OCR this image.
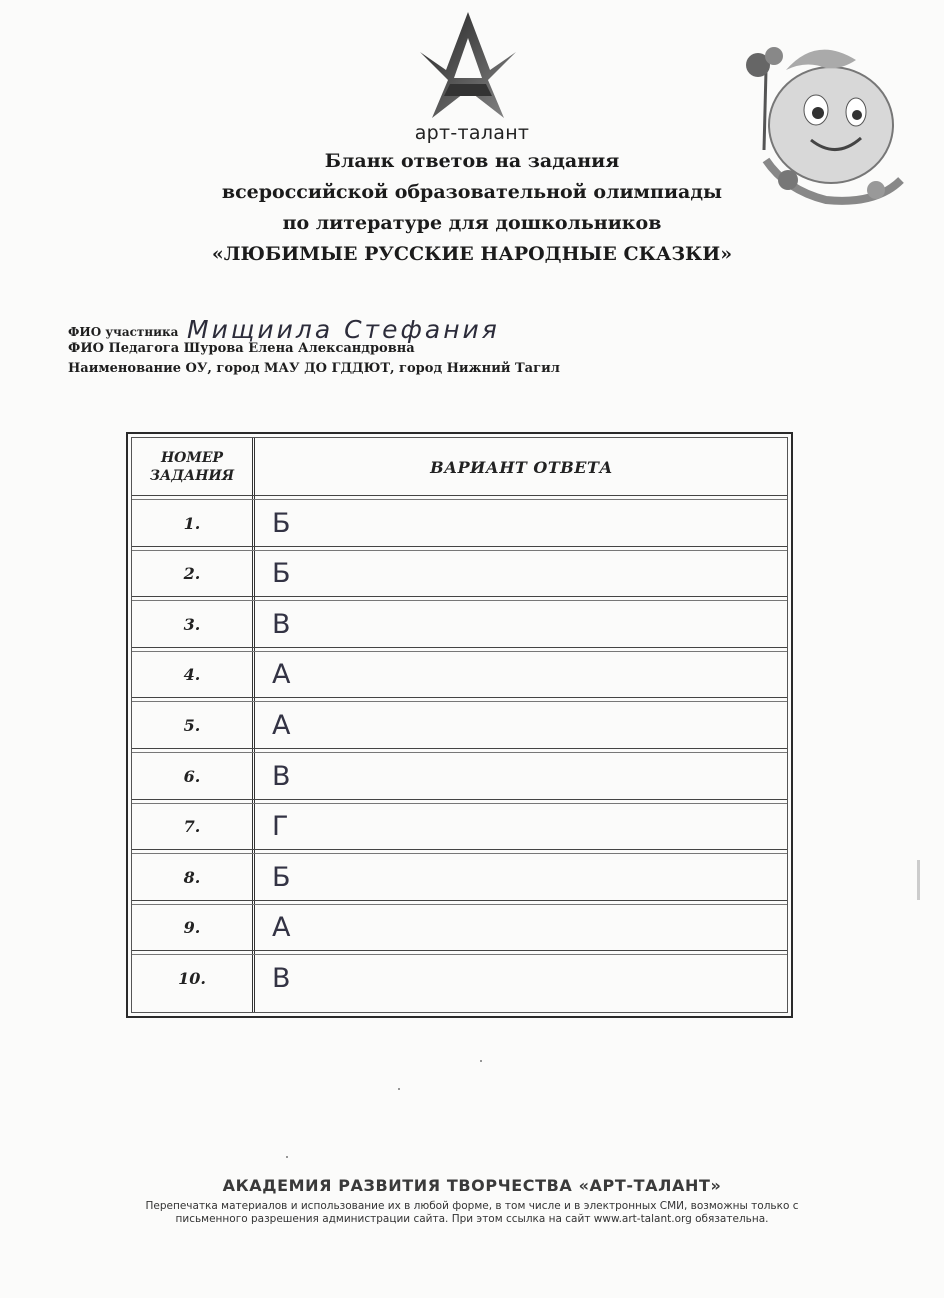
арт-талант
Бланк ответов на задания
всероссийской образовательной олимпиады
по литературе для дошкольников
«ЛЮБИМЫЕ РУССКИЕ НАРОДНЫЕ СКАЗКИ»
ФИО участника Мищиила Стефания
ФИО Педагога Шурова Елена Александровна
Наименование ОУ, город МАУ ДО ГДДЮТ, город Нижний Тагил
НОМЕР
ЗАДАНИЯ	ВАРИАНТ ОТВЕТА
1.	Б
2.	Б
3.	В
4.	А
5.	А
6.	В
7.	Г
8.	Б
9.	А
10.	В
АКАДЕМИЯ РАЗВИТИЯ ТВОРЧЕСТВА «АРТ-ТАЛАНТ»
Перепечатка материалов и использование их в любой форме, в том числе и в электронных СМИ, возможны только с
письменного разрешения администрации сайта. При этом ссылка на сайт www.art-talant.org обязательна.
